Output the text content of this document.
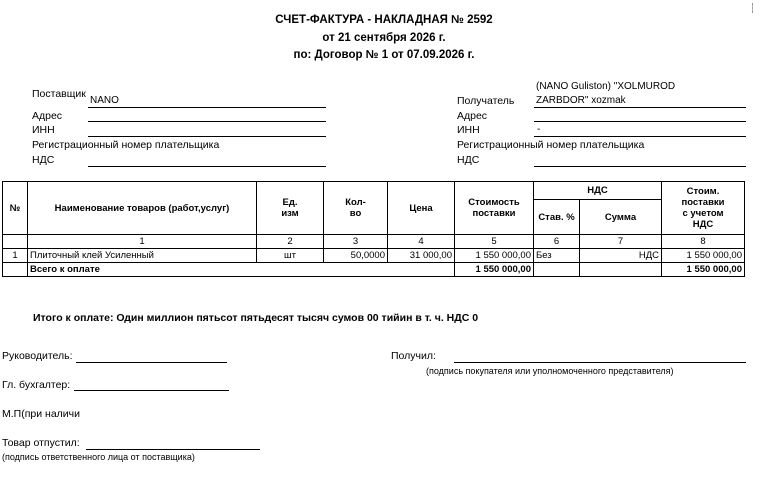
СЧЕТ-ФАКТУРА - НАКЛАДНАЯ № 2592
от 21 сентября 2026 г.
по: Договор № 1 от 07.09.2026 г.
Поставщик
NANO
Адрес
ИНН
Регистрационный номер плательщика
НДС
(NANO Guliston) "XOLMUROD
Получатель ZARBDOR" xozmak
Адрес
ИНН	-
Регистрационный номер плательщика
НДС
№	Наименование товаров (работ,услуг)	Ед.
изм	Кол-
во	Цена	Стоимость
поставки	НДС		Стоим.
поставки
с учетом
НДС
						Став. %	Сумма	
	1	2	3	4	5	6	7	8
1	Плиточный клей Усиленный	шт	50,0000	31 000,00	1 550 000,00	Без	НДС	1 550 000,00
	Всего к оплате				1 550 000,00			1 550 000,00
Итого к оплате: Один миллион пятьсот пятьдесят тысяч сумов 00 тийин в т. ч. НДС 0
Руководитель:
Гл. бухгалтер:
М.П(при наличи
Товар отпустил:
(подпись ответственного лица от поставщика)
Получил:
(подпись покупателя или уполномоченного представителя)
